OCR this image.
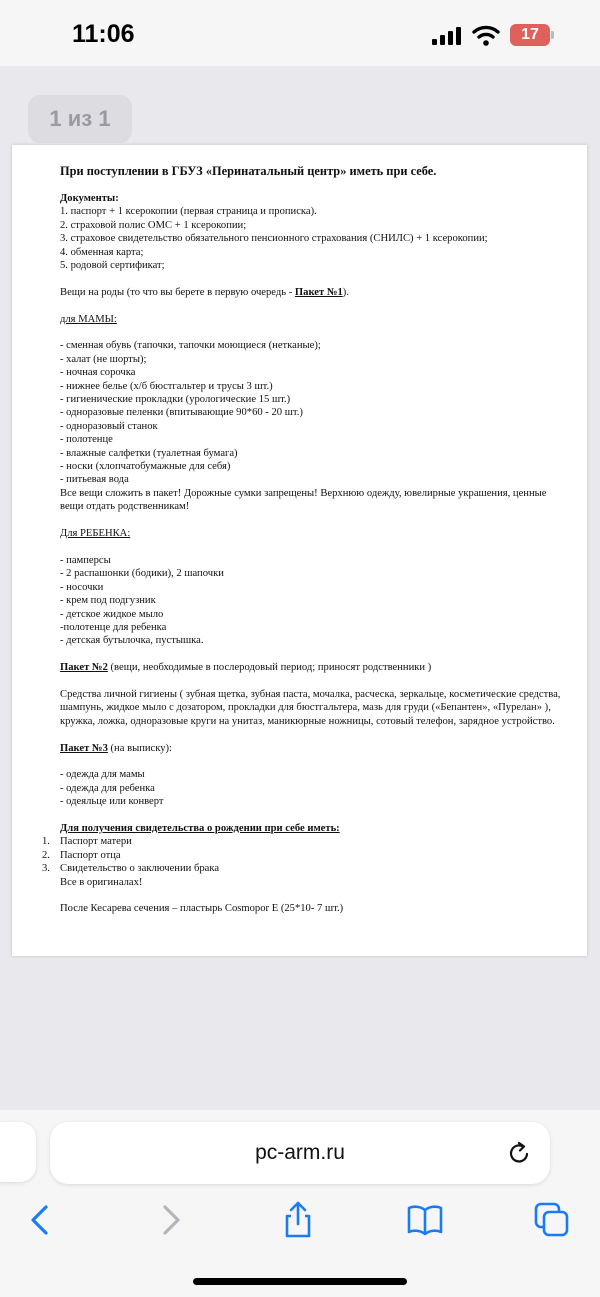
11:06	17
1 из 1

При поступлении в ГБУЗ «Перинатальный центр» иметь при себе.

Документы:

1. паспорт + 1 ксерокопии (первая страница и прописка).

2. страховой полис ОМС + 1 ксерокопии;

3. страховое свидетельство обязательного пенсионного страхования (СНИЛС) + 1 ксерокопии;

4. обменная карта;

5. родовой сертификат;

Вещи на роды (то что вы берете в первую очередь - Пакет №1).

для МАМЫ:

- сменная обувь (тапочки, тапочки моющиеся (нетканые);

- халат (не шорты);

- ночная сорочка

- нижнее белье (х/б бюстгальтер и трусы 3 шт.)

- гигиенические прокладки (урологические 15 шт.)

- одноразовые пеленки (впитывающие 90*60 - 20 шт.)

- одноразовый станок

- полотенце

- влажные салфетки (туалетная бумага)

- носки (хлопчатобумажные для себя)

- питьевая вода

Все вещи сложить в пакет! Дорожные сумки запрещены! Верхнюю одежду, ювелирные украшения, ценные вещи отдать родственникам!

Для РЕБЕНКА:

- памперсы

- 2 распашонки (бодики), 2 шапочки

- носочки

- крем под подгузник

- детское жидкое мыло

-полотенце для ребенка

- детская бутылочка, пустышка.

Пакет №2 (вещи, необходимые в послеродовый период; приносят родственники )

Средства личной гигиены ( зубная щетка, зубная паста, мочалка, расческа, зеркальце, косметические средства, шампунь, жидкое мыло с дозатором, прокладки для бюстгальтера, мазь для груди («Бепантен», «Пурелан» ), кружка, ложка, одноразовые круги на унитаз, маникюрные ножницы, сотовый телефон, зарядное устройство.

Пакет №3 (на выписку):

- одежда для мамы

- одежда для ребенка

- одеяльце или конверт

Для получения свидетельства о рождении при себе иметь:

1. Паспорт матери
2. Паспорт отца
3. Свидетельство о заключении брака

Все в оригиналах!

После Кесарева сечения – пластырь Cosmopor E (25*10- 7 шт.)

pc-arm.ru
